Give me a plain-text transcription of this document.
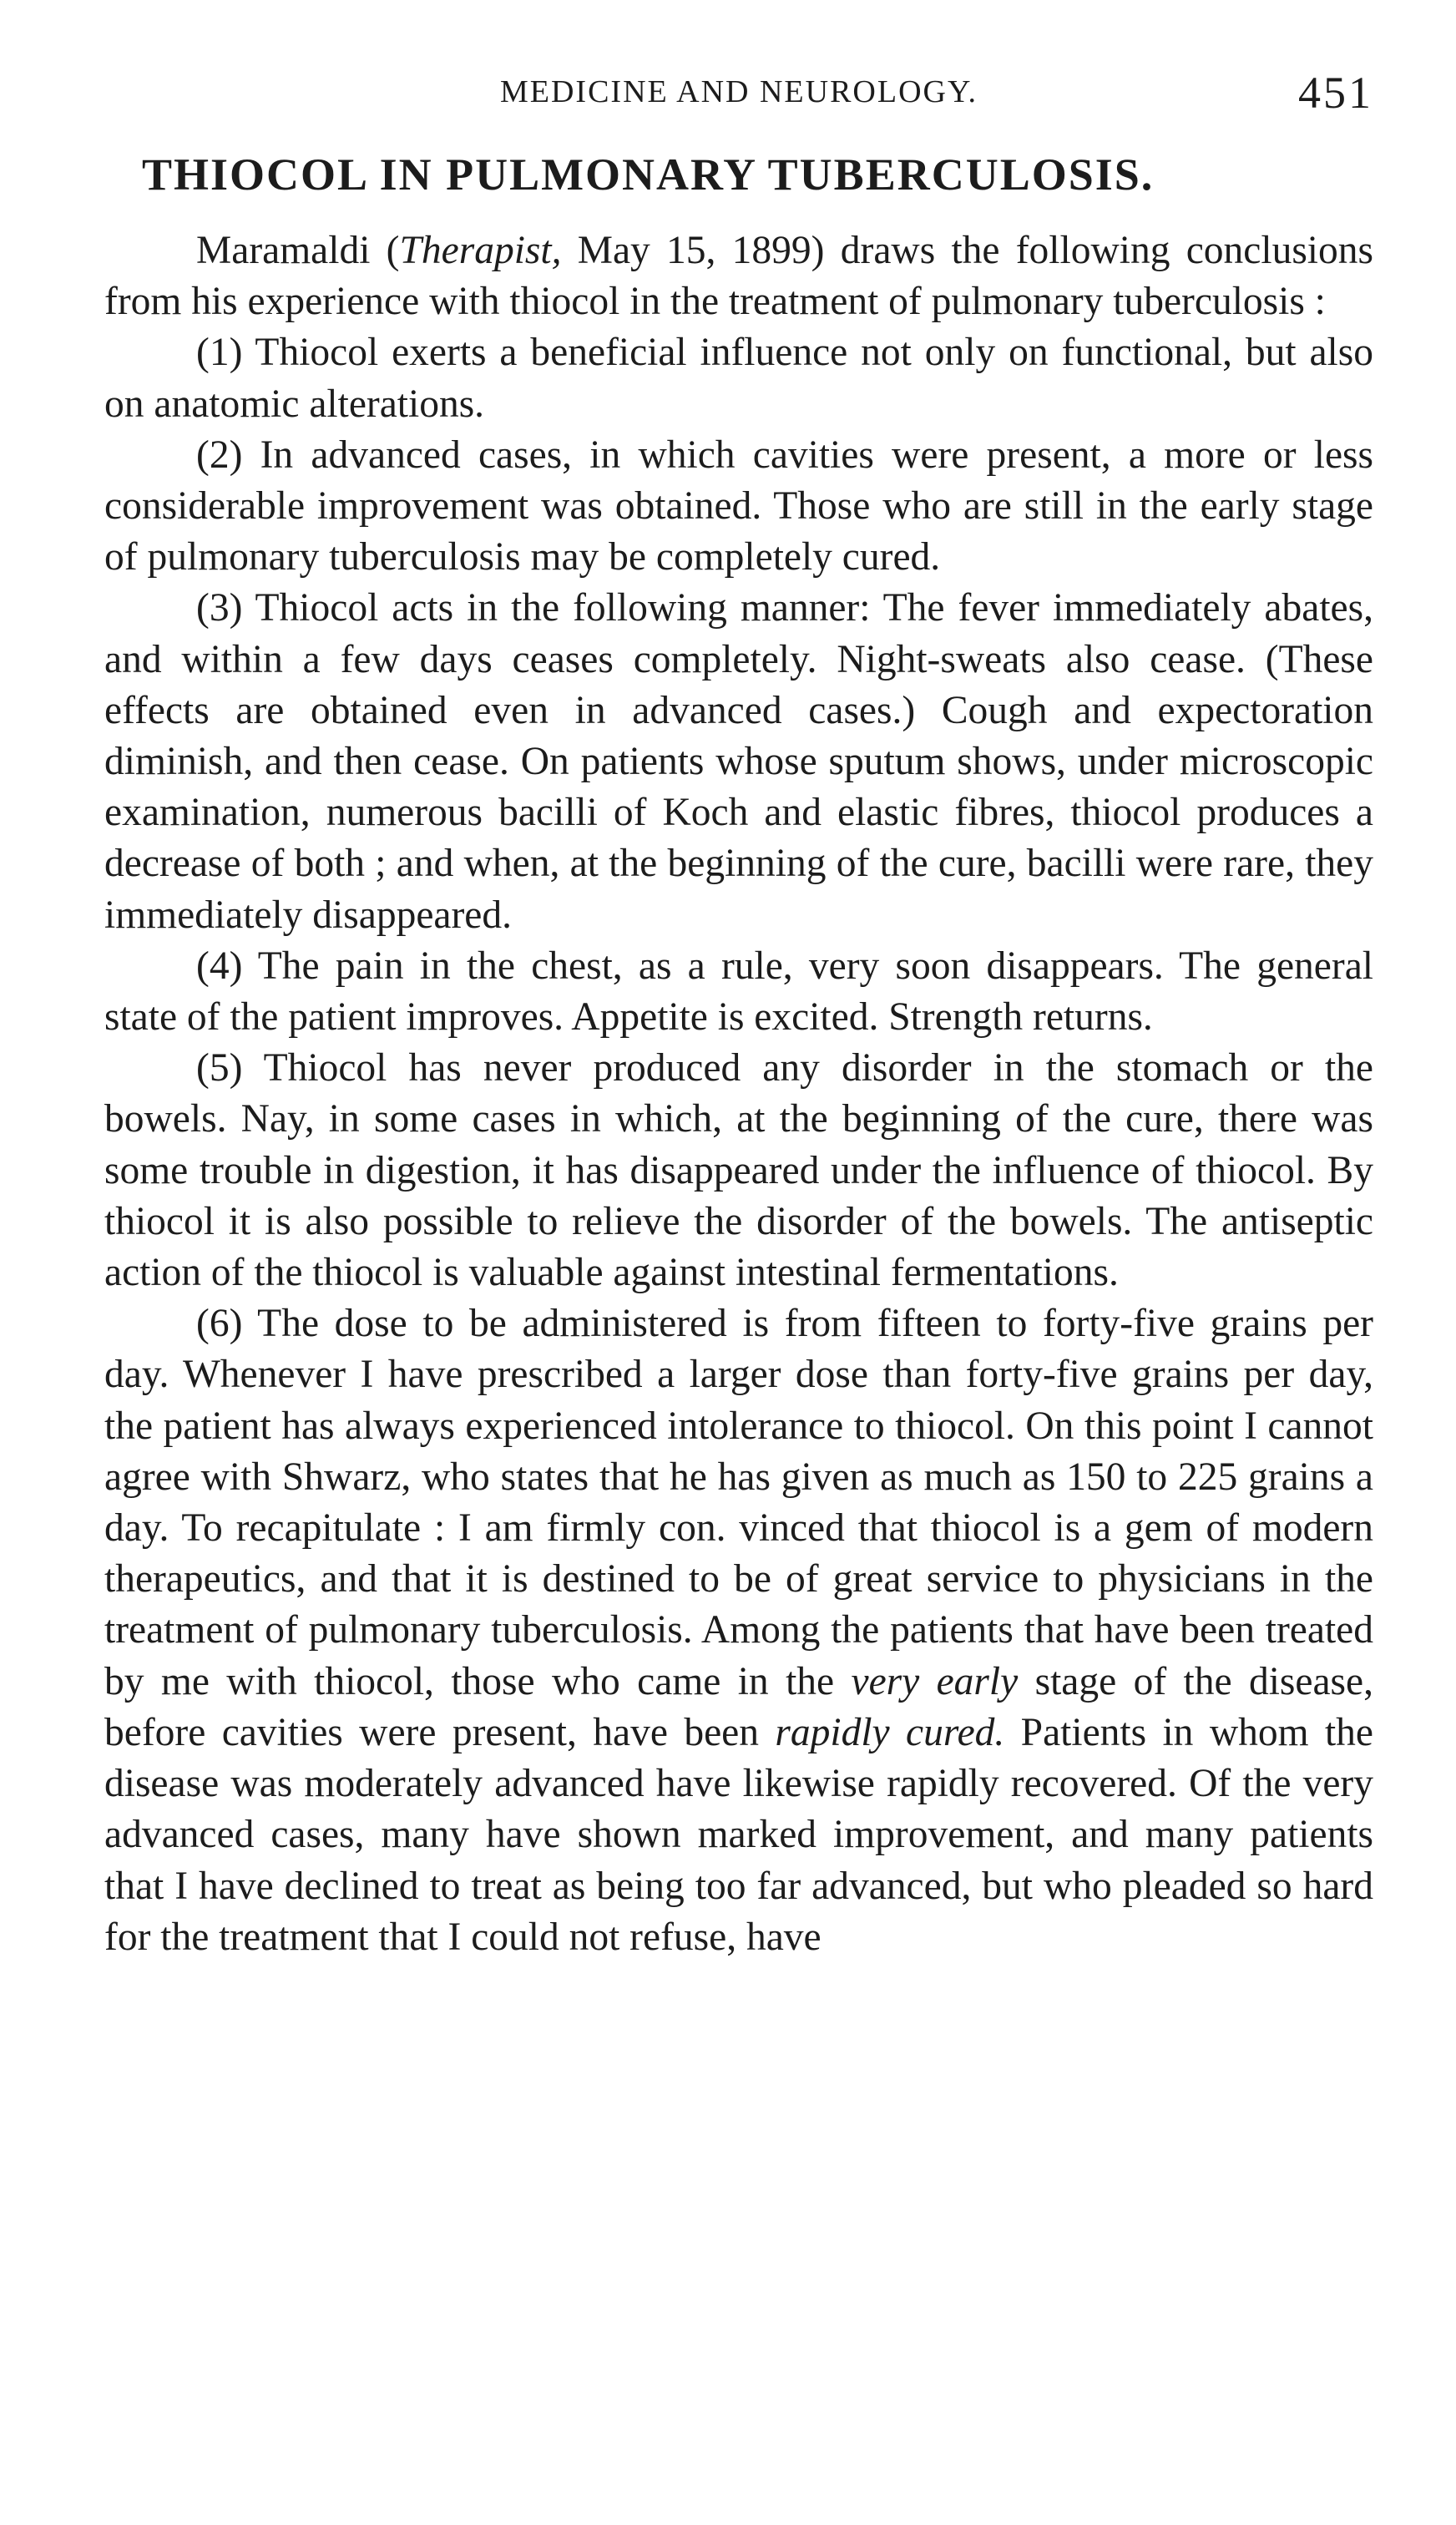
MEDICINE AND NEUROLOGY.	451
THIOCOL IN PULMONARY TUBERCULOSIS.

Maramaldi (Therapist, May 15, 1899) draws the following conclusions from his experience with thiocol in the treatment of pulmonary tuberculosis :

(1) Thiocol exerts a beneficial influence not only on functional, but also on anatomic alterations.

(2) In advanced cases, in which cavities were present, a more or less considerable improvement was obtained. Those who are still in the early stage of pulmonary tuberculosis may be completely cured.

(3) Thiocol acts in the following manner: The fever immediately abates, and within a few days ceases completely. Night-sweats also cease. (These effects are obtained even in advanced cases.) Cough and expectoration diminish, and then cease. On patients whose sputum shows, under microscopic examination, numerous bacilli of Koch and elastic fibres, thiocol produces a decrease of both ; and when, at the beginning of the cure, bacilli were rare, they immediately disappeared.

(4) The pain in the chest, as a rule, very soon disappears. The general state of the patient improves. Appetite is excited. Strength returns.

(5) Thiocol has never produced any disorder in the stomach or the bowels. Nay, in some cases in which, at the beginning of the cure, there was some trouble in digestion, it has disappeared under the influence of thiocol. By thiocol it is also possible to relieve the disorder of the bowels. The antiseptic action of the thiocol is valuable against intestinal fermentations.

(6) The dose to be administered is from fifteen to forty-five grains per day. Whenever I have prescribed a larger dose than forty-five grains per day, the patient has always experienced intolerance to thiocol. On this point I cannot agree with Shwarz, who states that he has given as much as 150 to 225 grains a day. To recapitulate : I am firmly con. vinced that thiocol is a gem of modern therapeutics, and that it is destined to be of great service to physicians in the treatment of pulmonary tuberculosis. Among the patients that have been treated by me with thiocol, those who came in the very early stage of the disease, before cavities were present, have been rapidly cured. Patients in whom the disease was moderately advanced have likewise rapidly recovered. Of the very advanced cases, many have shown marked improvement, and many patients that I have declined to treat as being too far advanced, but who pleaded so hard for the treatment that I could not refuse, have
